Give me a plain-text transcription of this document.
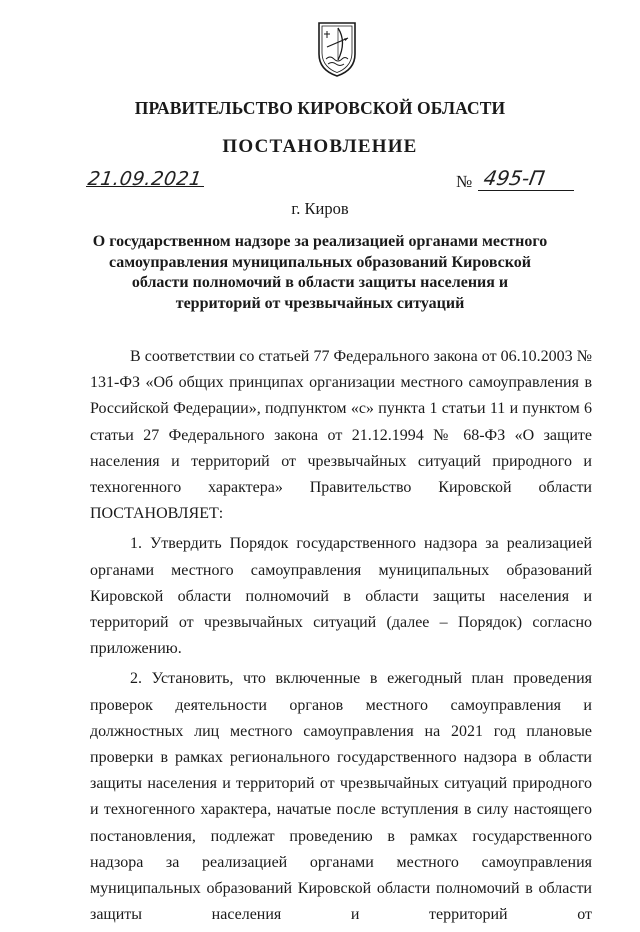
ПРАВИТЕЛЬСТВО КИРОВСКОЙ ОБЛАСТИ
ПОСТАНОВЛЕНИЕ
21.09.2021	№ 495-П
г. Киров
О государственном надзоре за реализацией органами местного самоуправления муниципальных образований Кировской области полномочий в области защиты населения и территорий от чрезвычайных ситуаций

В соответствии со статьей 77 Федерального закона от 06.10.2003 № 131-ФЗ «Об общих принципах организации местного самоуправления в Российской Федерации», подпунктом «с» пункта 1 статьи 11 и пунктом 6 статьи 27 Федерального закона от 21.12.1994 № 68-ФЗ «О защите населения и территорий от чрезвычайных ситуаций природного и техногенного характера» Правительство Кировской области ПОСТАНОВЛЯЕТ:

1. Утвердить Порядок государственного надзора за реализацией органами местного самоуправления муниципальных образований Кировской области полномочий в области защиты населения и территорий от чрезвычайных ситуаций (далее – Порядок) согласно приложению.

2. Установить, что включенные в ежегодный план проведения проверок деятельности органов местного самоуправления и должностных лиц местного самоуправления на 2021 год плановые проверки в рамках регионального государственного надзора в области защиты населения и территорий от чрезвычайных ситуаций природного и техногенного характера, начатые после вступления в силу настоящего постановления, подлежат проведению в рамках государственного надзора за реализацией органами местного самоуправления муниципальных образований Кировской области полномочий в области защиты населения и территорий от
